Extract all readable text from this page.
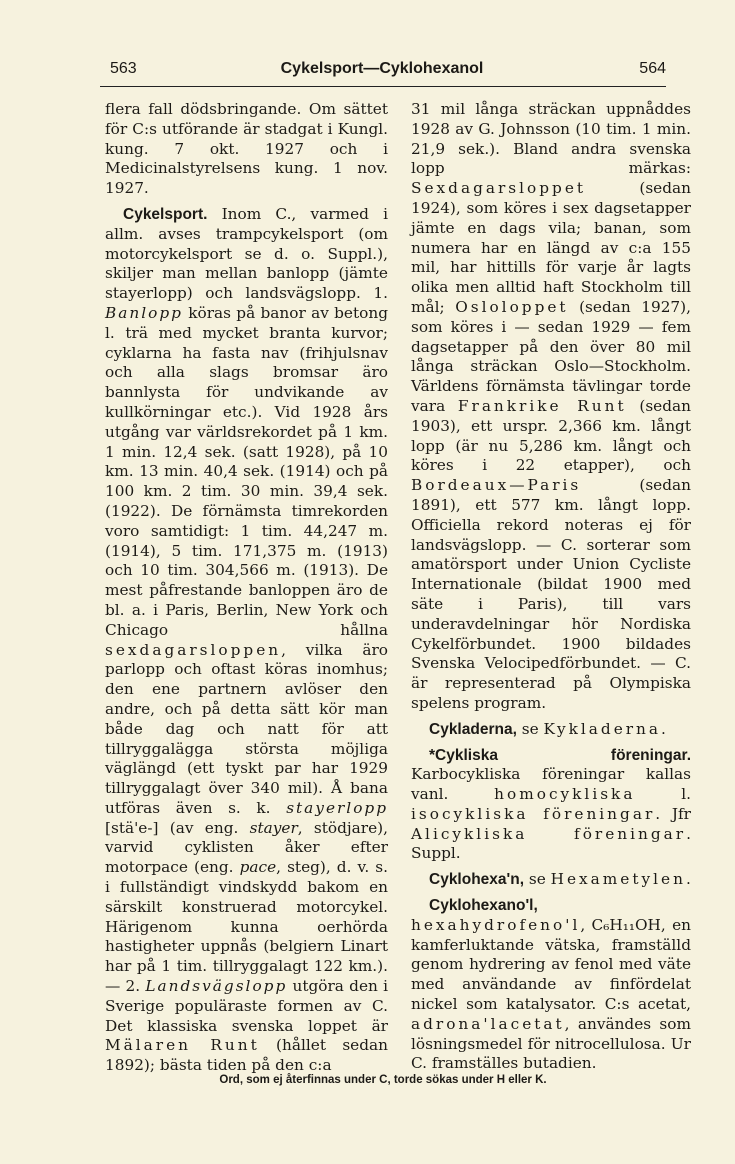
563	Cykelsport—Cyklohexanol	564

flera fall dödsbringande. Om sättet för C:s utförande är stadgat i Kungl. kung. 7 okt. 1927 och i Medicinalstyrelsens kung. 1 nov. 1927.

Cykelsport. Inom C., varmed i allm. avses trampcykelsport (om motorcykelsport se d. o. Suppl.), skiljer man mellan banlopp (jämte stayerlopp) och landsvägslopp. 1. Banlopp köras på banor av betong l. trä med mycket branta kurvor; cyklarna ha fasta nav (frihjulsnav och alla slags bromsar äro bannlysta för undvikande av kullkörningar etc.). Vid 1928 års utgång var världsrekordet på 1 km. 1 min. 12,4 sek. (satt 1928), på 10 km. 13 min. 40,4 sek. (1914) och på 100 km. 2 tim. 30 min. 39,4 sek. (1922). De förnämsta timrekorden voro samtidigt: 1 tim. 44,247 m. (1914), 5 tim. 171,375 m. (1913) och 10 tim. 304,566 m. (1913). De mest påfrestande banloppen äro de bl. a. i Paris, Berlin, New York och Chicago hållna sexdagarsloppen, vilka äro parlopp och oftast köras inomhus; den ene partnern avlöser den andre, och på detta sätt kör man både dag och natt för att tillryggalägga största möjliga väglängd (ett tyskt par har 1929 tillryggalagt över 340 mil). Å bana utföras även s. k. stayerlopp [stä'e-] (av eng. stayer, stödjare), varvid cyklisten åker efter motorpace (eng. pace, steg), d. v. s. i fullständigt vindskydd bakom en särskilt konstruerad motorcykel. Härigenom kunna oerhörda hastigheter uppnås (belgiern Linart har på 1 tim. tillryggalagt 122 km.). — 2. Landsvägslopp utgöra den i Sverige populäraste formen av C. Det klassiska svenska loppet är Mälaren Runt (hållet sedan 1892); bästa tiden på den c:a

31 mil långa sträckan uppnåddes 1928 av G. Johnsson (10 tim. 1 min. 21,9 sek.). Bland andra svenska lopp märkas: Sexdagarsloppet (sedan 1924), som köres i sex dagsetapper jämte en dags vila; banan, som numera har en längd av c:a 155 mil, har hittills för varje år lagts olika men alltid haft Stockholm till mål; Osloloppet (sedan 1927), som köres i — sedan 1929 — fem dagsetapper på den över 80 mil långa sträckan Oslo—Stockholm. Världens förnämsta tävlingar torde vara Frankrike Runt (sedan 1903), ett urspr. 2,366 km. långt lopp (är nu 5,286 km. långt och köres i 22 etapper), och Bordeaux—Paris (sedan 1891), ett 577 km. långt lopp. Officiella rekord noteras ej för landsvägslopp. — C. sorterar som amatörsport under Union Cycliste Internationale (bildat 1900 med säte i Paris), till vars underavdelningar hör Nordiska Cykelförbundet. 1900 bildades Svenska Velocipedförbundet. — C. är representerad på Olympiska spelens program.

Cykladerna, se Kykladerna.

*Cykliska föreningar. Karbocykliska föreningar kallas vanl. homocykliska l. isocykliska föreningar. Jfr Alicykliska föreningar. Suppl.

Cyklohexa'n, se Hexametylen.

Cyklohexano'l, hexahydrofeno'l, C₆H₁₁OH, en kamferluktande vätska, framställd genom hydrering av fenol med väte med användande av finfördelat nickel som katalysator. C:s acetat, adrona'lacetat, användes som lösningsmedel för nitrocellulosa. Ur C. framställes butadien.

Ord, som ej återfinnas under C, torde sökas under H eller K.
